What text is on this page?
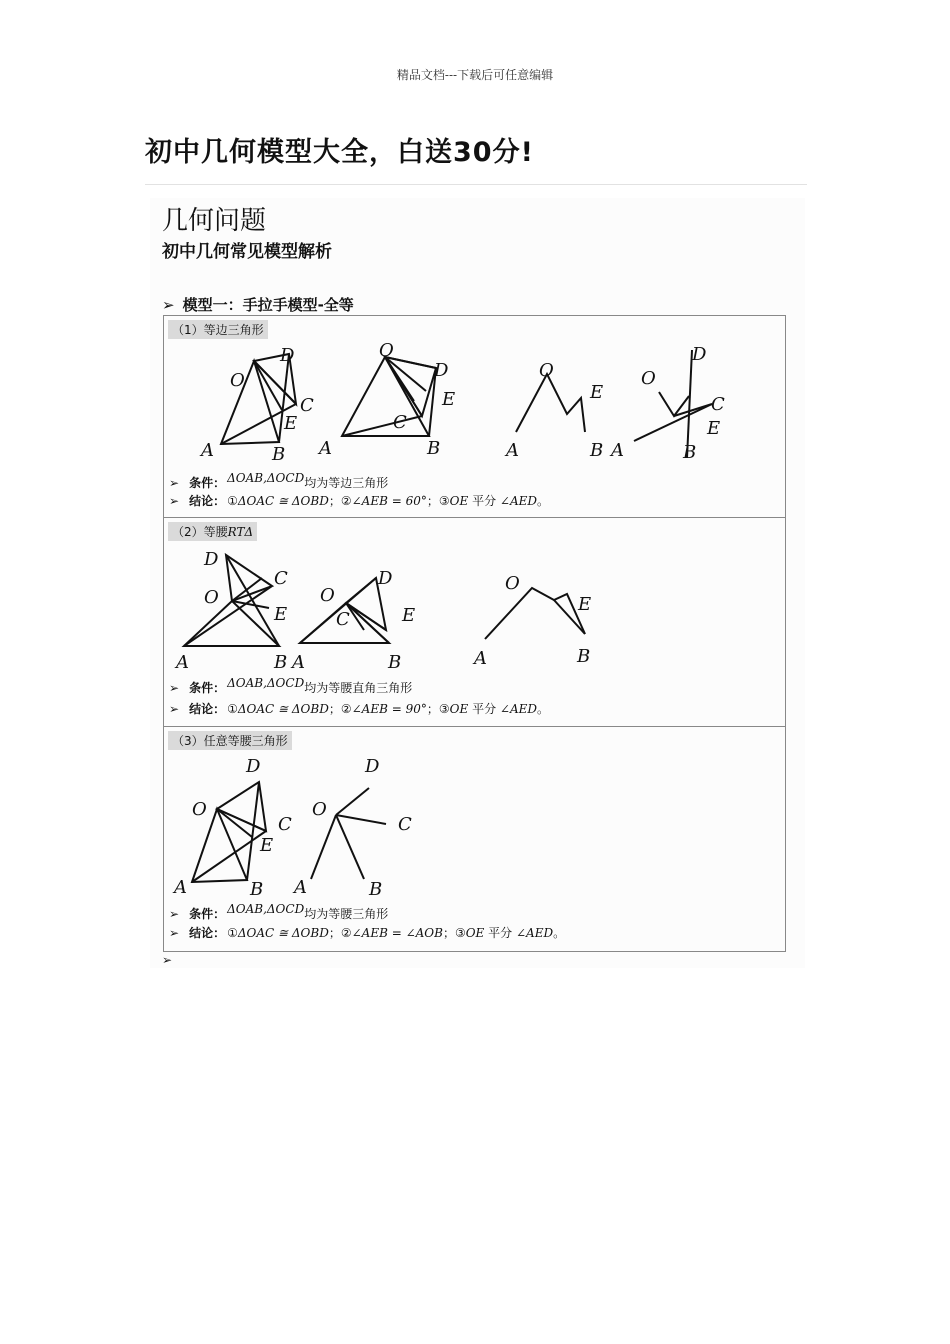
精品文档---下载后可任意编辑
初中几何模型大全，白送30分!
几何问题
初中几何常见模型解析
➢ 模型一：手拉手模型-全等
（1）等边三角形
O
D
C
E
A	B
O
D
E
C
A	B
O
E
A	B
O
D
C
E
A	B
➢ 条件： ΔOAB,ΔOCD均为等边三角形
➢ 结论： ①ΔOAC ≅ ΔOBD；②∠AEB = 60°；③OE 平分 ∠AED。
（2）等腰RTΔ
D
C
O
E
A	B
O
D
C	E
A	B
O
E
A	B
➢ 条件： ΔOAB,ΔOCD均为等腰直角三角形
➢ 结论： ①ΔOAC ≅ ΔOBD；②∠AEB = 90°；③OE 平分 ∠AED。
（3）任意等腰三角形
D
O
C
E
A	B
D
O
C
A	B
➢ 条件： ΔOAB,ΔOCD均为等腰三角形
➢ 结论： ①ΔOAC ≅ ΔOBD；②∠AEB = ∠AOB；③OE 平分 ∠AED。
➢
